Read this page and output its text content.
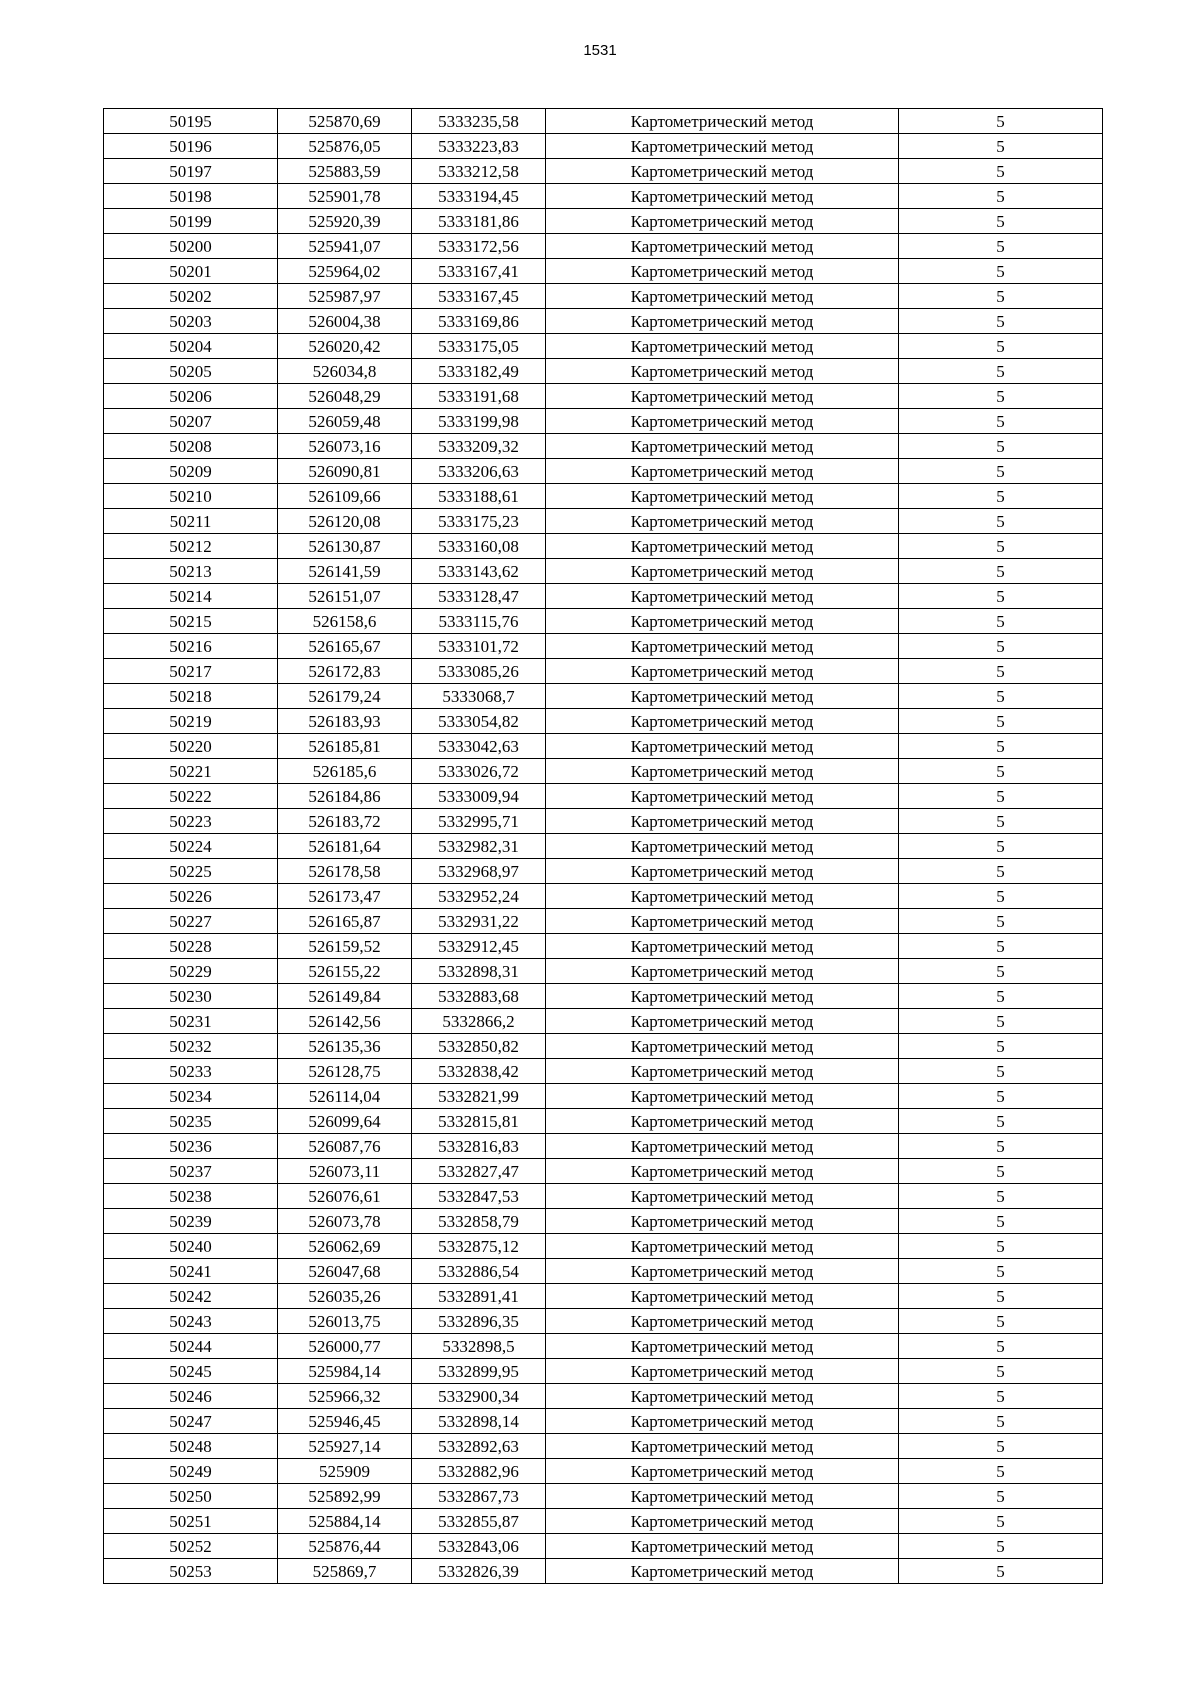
1531
50195	525870,69	5333235,58	Картометрический метод	5
50196	525876,05	5333223,83	Картометрический метод	5
50197	525883,59	5333212,58	Картометрический метод	5
50198	525901,78	5333194,45	Картометрический метод	5
50199	525920,39	5333181,86	Картометрический метод	5
50200	525941,07	5333172,56	Картометрический метод	5
50201	525964,02	5333167,41	Картометрический метод	5
50202	525987,97	5333167,45	Картометрический метод	5
50203	526004,38	5333169,86	Картометрический метод	5
50204	526020,42	5333175,05	Картометрический метод	5
50205	526034,8	5333182,49	Картометрический метод	5
50206	526048,29	5333191,68	Картометрический метод	5
50207	526059,48	5333199,98	Картометрический метод	5
50208	526073,16	5333209,32	Картометрический метод	5
50209	526090,81	5333206,63	Картометрический метод	5
50210	526109,66	5333188,61	Картометрический метод	5
50211	526120,08	5333175,23	Картометрический метод	5
50212	526130,87	5333160,08	Картометрический метод	5
50213	526141,59	5333143,62	Картометрический метод	5
50214	526151,07	5333128,47	Картометрический метод	5
50215	526158,6	5333115,76	Картометрический метод	5
50216	526165,67	5333101,72	Картометрический метод	5
50217	526172,83	5333085,26	Картометрический метод	5
50218	526179,24	5333068,7	Картометрический метод	5
50219	526183,93	5333054,82	Картометрический метод	5
50220	526185,81	5333042,63	Картометрический метод	5
50221	526185,6	5333026,72	Картометрический метод	5
50222	526184,86	5333009,94	Картометрический метод	5
50223	526183,72	5332995,71	Картометрический метод	5
50224	526181,64	5332982,31	Картометрический метод	5
50225	526178,58	5332968,97	Картометрический метод	5
50226	526173,47	5332952,24	Картометрический метод	5
50227	526165,87	5332931,22	Картометрический метод	5
50228	526159,52	5332912,45	Картометрический метод	5
50229	526155,22	5332898,31	Картометрический метод	5
50230	526149,84	5332883,68	Картометрический метод	5
50231	526142,56	5332866,2	Картометрический метод	5
50232	526135,36	5332850,82	Картометрический метод	5
50233	526128,75	5332838,42	Картометрический метод	5
50234	526114,04	5332821,99	Картометрический метод	5
50235	526099,64	5332815,81	Картометрический метод	5
50236	526087,76	5332816,83	Картометрический метод	5
50237	526073,11	5332827,47	Картометрический метод	5
50238	526076,61	5332847,53	Картометрический метод	5
50239	526073,78	5332858,79	Картометрический метод	5
50240	526062,69	5332875,12	Картометрический метод	5
50241	526047,68	5332886,54	Картометрический метод	5
50242	526035,26	5332891,41	Картометрический метод	5
50243	526013,75	5332896,35	Картометрический метод	5
50244	526000,77	5332898,5	Картометрический метод	5
50245	525984,14	5332899,95	Картометрический метод	5
50246	525966,32	5332900,34	Картометрический метод	5
50247	525946,45	5332898,14	Картометрический метод	5
50248	525927,14	5332892,63	Картометрический метод	5
50249	525909	5332882,96	Картометрический метод	5
50250	525892,99	5332867,73	Картометрический метод	5
50251	525884,14	5332855,87	Картометрический метод	5
50252	525876,44	5332843,06	Картометрический метод	5
50253	525869,7	5332826,39	Картометрический метод	5
